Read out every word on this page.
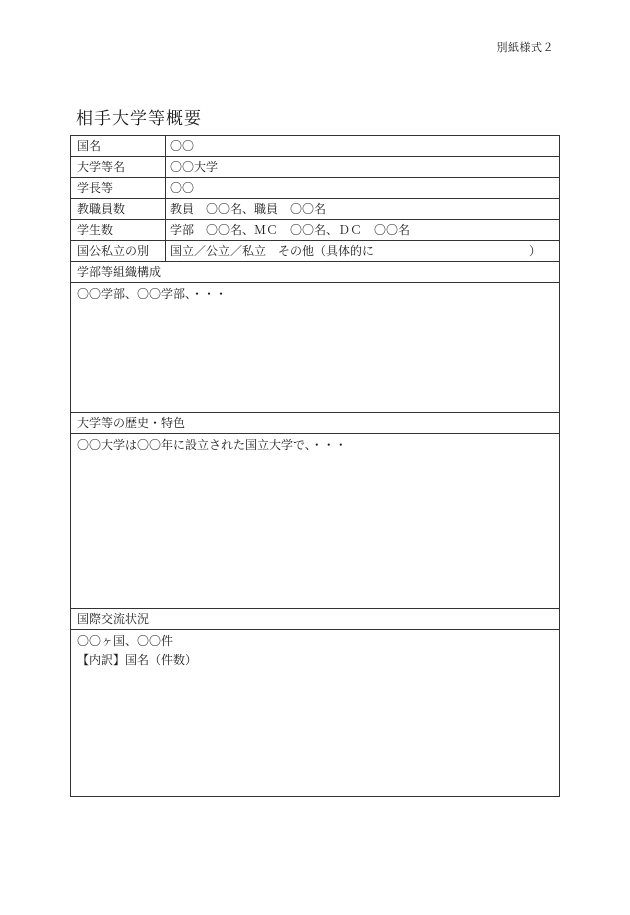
別紙様式２
相手大学等概要
国名	〇〇
大学等名	〇〇大学
学長等	〇〇
教職員数	教員　〇〇名、職員　〇〇名
学生数	学部　〇〇名、ＭＣ　〇〇名、ＤＣ　〇〇名
国公私立の別	国立／公立／私立　その他（具体的に	）
学部等組織構成
〇〇学部、〇〇学部、・・・
大学等の歴史・特色
〇〇大学は〇〇年に設立された国立大学で、・・・
国際交流状況
〇〇ヶ国、〇〇件
【内訳】国名（件数）
